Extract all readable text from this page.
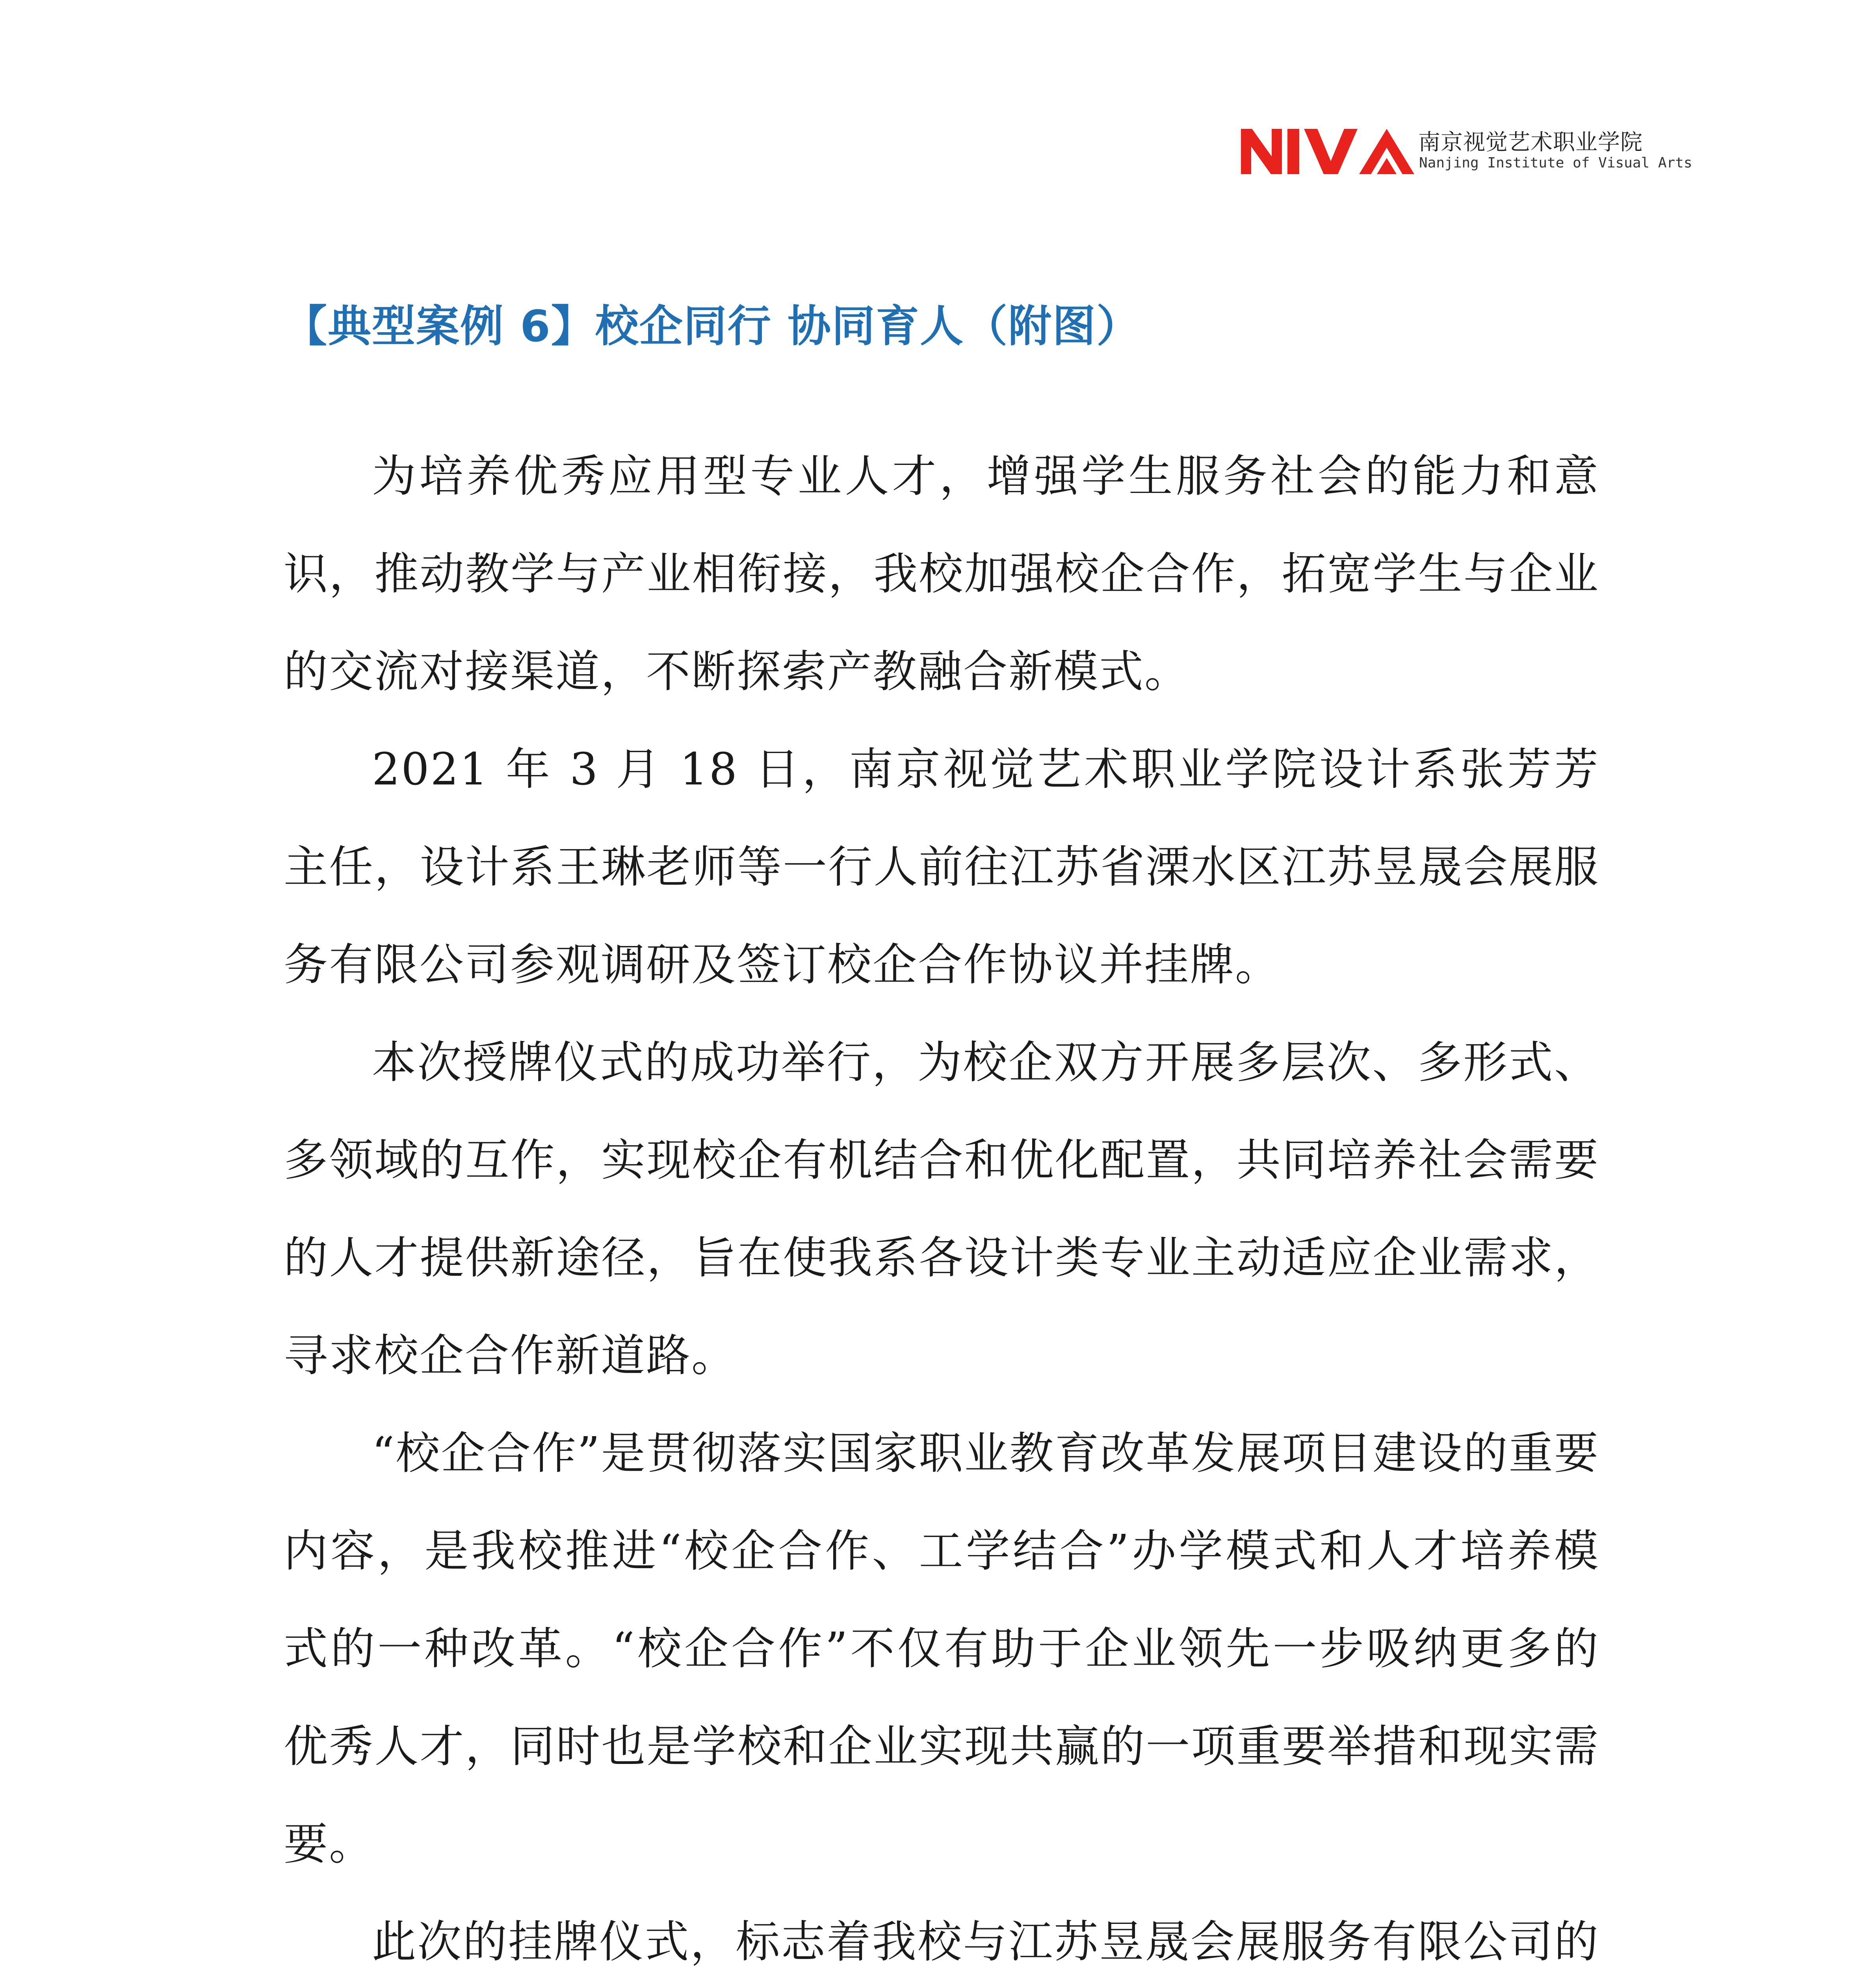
南京视觉艺术职业学院
Nanjing Institute of Visual Arts
【典型案例 6】校企同行 协同育人（附图）

为培养优秀应用型专业人才，增强学生服务社会的能力和意识，推动教学与产业相衔接，我校加强校企合作，拓宽学生与企业的交流对接渠道，不断探索产教融合新模式。

2021 年 3 月 18 日，南京视觉艺术职业学院设计系张芳芳主任，设计系王琳老师等一行人前往江苏省溧水区江苏昱晟会展服务有限公司参观调研及签订校企合作协议并挂牌。

本次授牌仪式的成功举行，为校企双方开展多层次、多形式、多领域的互作，实现校企有机结合和优化配置，共同培养社会需要的人才提供新途径，旨在使我系各设计类专业主动适应企业需求，寻求校企合作新道路。

“校企合作”是贯彻落实国家职业教育改革发展项目建设的重要内容，是我校推进“校企合作、工学结合”办学模式和人才培养模式的一种改革。“校企合作”不仅有助于企业领先一步吸纳更多的优秀人才，同时也是学校和企业实现共赢的一项重要举措和现实需要。

此次的挂牌仪式，标志着我校与江苏昱晟会展服务有限公司的
